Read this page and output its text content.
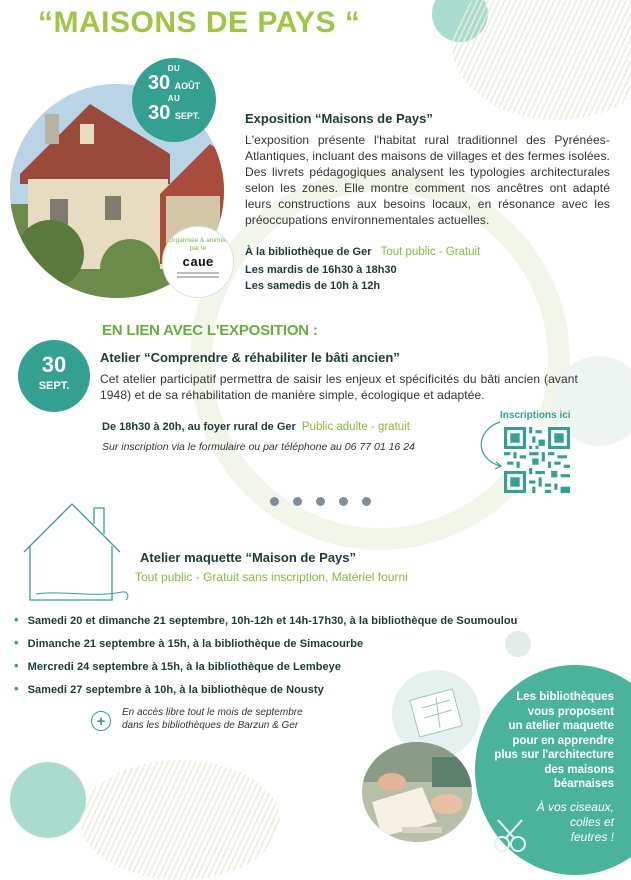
“MAISONS DE PAYS “
DU
30 AOÛT
AU
30 SEPT.
Organisée & animée par le
caue
Exposition “Maisons de Pays”
L'exposition présente l'habitat rural traditionnel des Pyrénées-Atlantiques, incluant des maisons de villages et des fermes isolées. Des livrets pédagogiques analysent les typologies architecturales selon les zones. Elle montre comment nos ancêtres ont adapté leurs constructions aux besoins locaux, en résonance avec les préoccupations environnementales actuelles.
À la bibliothèque de Ger Tout public - Gratuit
Les mardis de 16h30 à 18h30
Les samedis de 10h à 12h
EN LIEN AVEC L'EXPOSITION :
30
SEPT.
Atelier “Comprendre & réhabiliter le bâti ancien”
Cet atelier participatif permettra de saisir les enjeux et spécificités du bâti ancien (avant 1948) et de sa réhabilitation de manière simple, écologique et adaptée.
De 18h30 à 20h, au foyer rural de Ger Public adulte - gratuit
Sur inscription via le formulaire ou par téléphone au 06 77 01 16 24
Inscriptions ici
Atelier maquette “Maison de Pays”
Tout public - Gratuit sans inscription, Matériel fourni
• Samedi 20 et dimanche 21 septembre, 10h-12h et 14h-17h30, à la bibliothèque de Soumoulou
• Dimanche 21 septembre à 15h, à la bibliothèque de Simacourbe
• Mercredi 24 septembre à 15h, à la bibliothèque de Lembeye
• Samedi 27 septembre à 10h, à la bibliothèque de Nousty
+
En accès libre tout le mois de septembre
dans les bibliothèques de Barzun & Ger
Les bibliothèques
vous proposent
un atelier maquette
pour en apprendre
plus sur l'architecture
des maisons
béarnaises
À vos ciseaux,
colles et
feutres !
